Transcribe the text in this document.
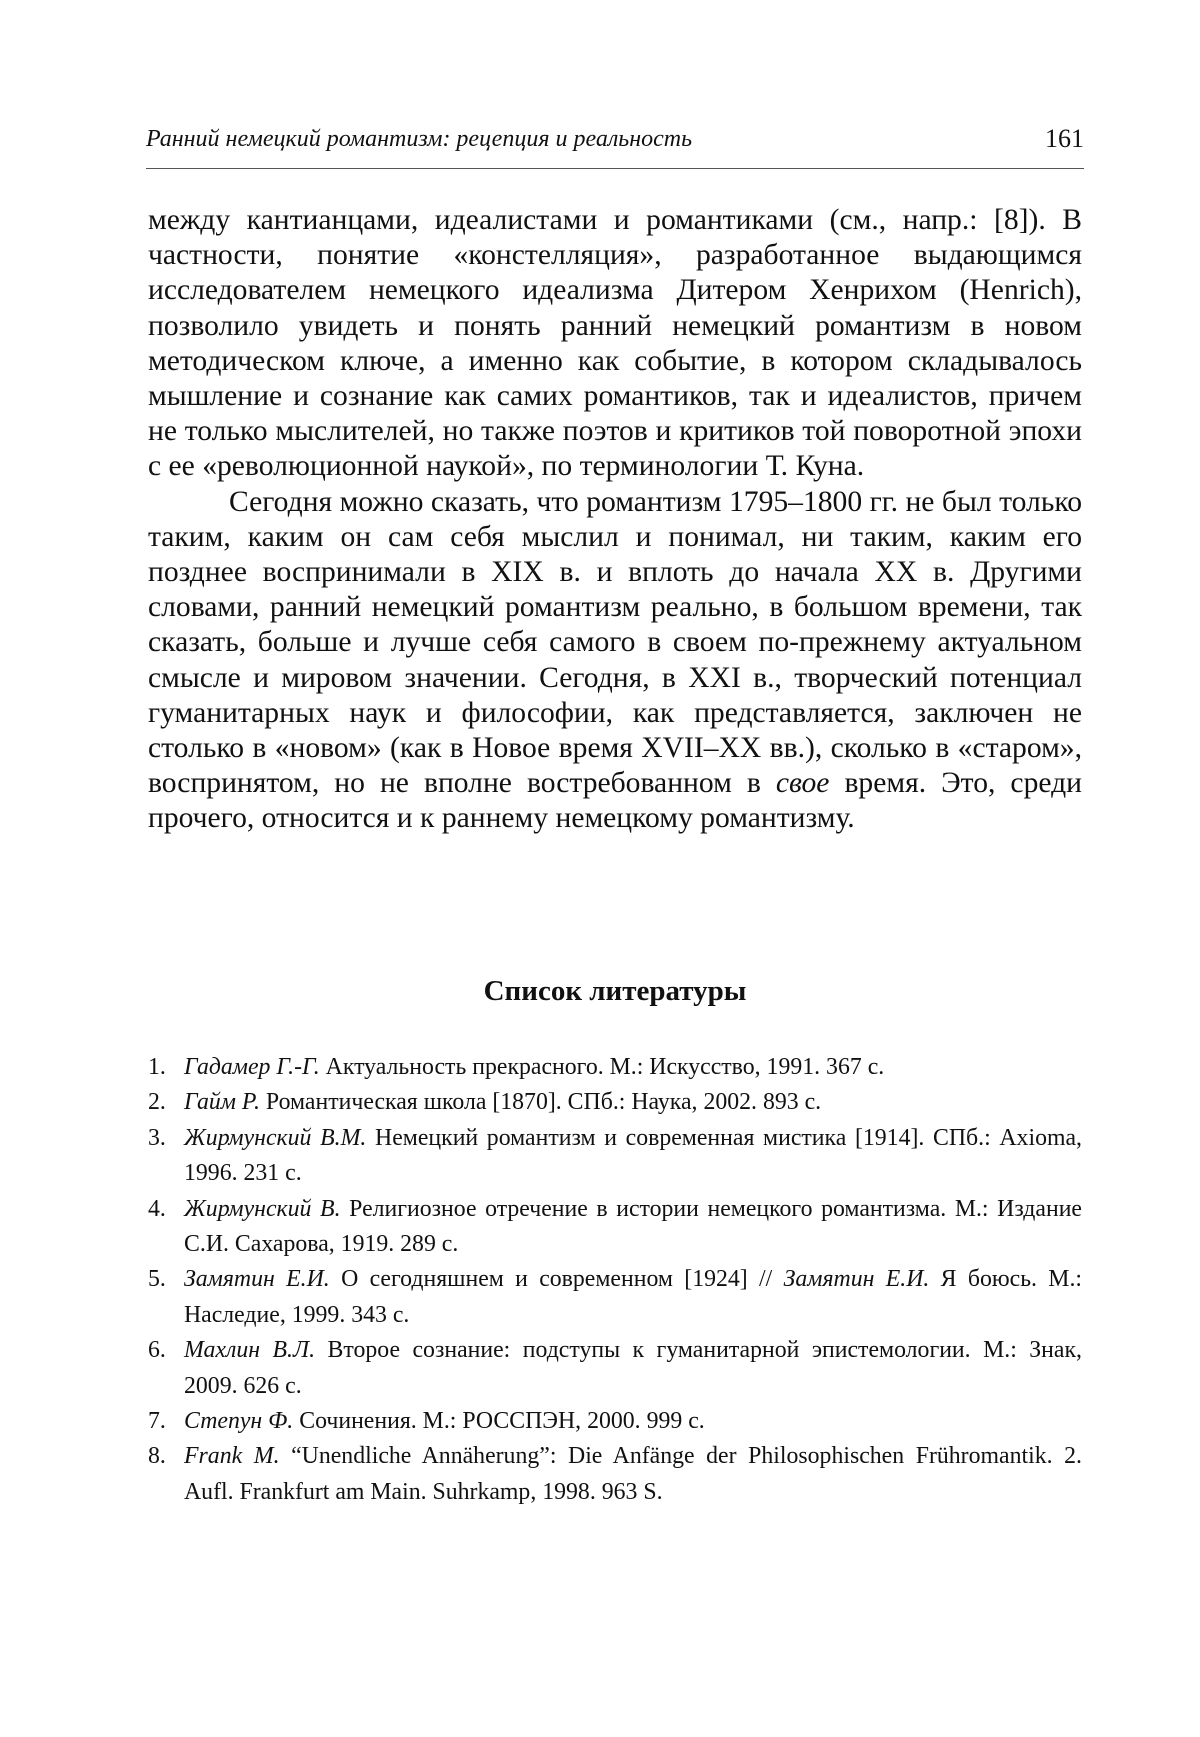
Ранний немецкий романтизм: рецепция и реальность	161

между кантианцами, идеалистами и романтиками (см., напр.: [8]). В частности, понятие «констелляция», разработанное выдающимся исследователем немецкого идеализма Дитером Хенрихом (Henrich), позволило увидеть и понять ранний немецкий романтизм в новом методическом ключе, а именно как событие, в котором складывалось мышление и сознание как самих романтиков, так и идеалистов, причем не только мыслителей, но также поэтов и критиков той поворотной эпохи с ее «революционной наукой», по терминологии Т. Куна.

Сегодня можно сказать, что романтизм 1795–1800 гг. не был только таким, каким он сам себя мыслил и понимал, ни таким, каким его позднее воспринимали в XIX в. и вплоть до начала XX в. Другими словами, ранний немецкий романтизм реально, в большом времени, так сказать, больше и лучше себя самого в своем по-прежнему актуальном смысле и мировом значении. Сегодня, в XXI в., творческий потенциал гуманитарных наук и философии, как представляется, заключен не столько в «новом» (как в Новое время XVII–XX вв.), сколько в «старом», воспринятом, но не вполне востребованном в свое время. Это, среди прочего, относится и к раннему немецкому романтизму.

Список литературы
1. Гадамер Г.-Г. Актуальность прекрасного. М.: Искусство, 1991. 367 с.
2. Гайм Р. Романтическая школа [1870]. СПб.: Наука, 2002. 893 с.
3. Жирмунский В.М. Немецкий романтизм и современная мистика [1914]. СПб.: Axioma, 1996. 231 с.
4. Жирмунский В. Религиозное отречение в истории немецкого романтизма. М.: Издание С.И. Сахарова, 1919. 289 с.
5. Замятин Е.И. О сегодняшнем и современном [1924] // Замятин Е.И. Я боюсь. М.: Наследие, 1999. 343 с.
6. Махлин В.Л. Второе сознание: подступы к гуманитарной эпистемологии. М.: Знак, 2009. 626 с.
7. Степун Ф. Сочинения. М.: РОССПЭН, 2000. 999 с.
8. Frank M. “Unendliche Annäherung”: Die Anfänge der Philosophischen Frühromantik. 2. Aufl. Frankfurt am Main. Suhrkamp, 1998. 963 S.
